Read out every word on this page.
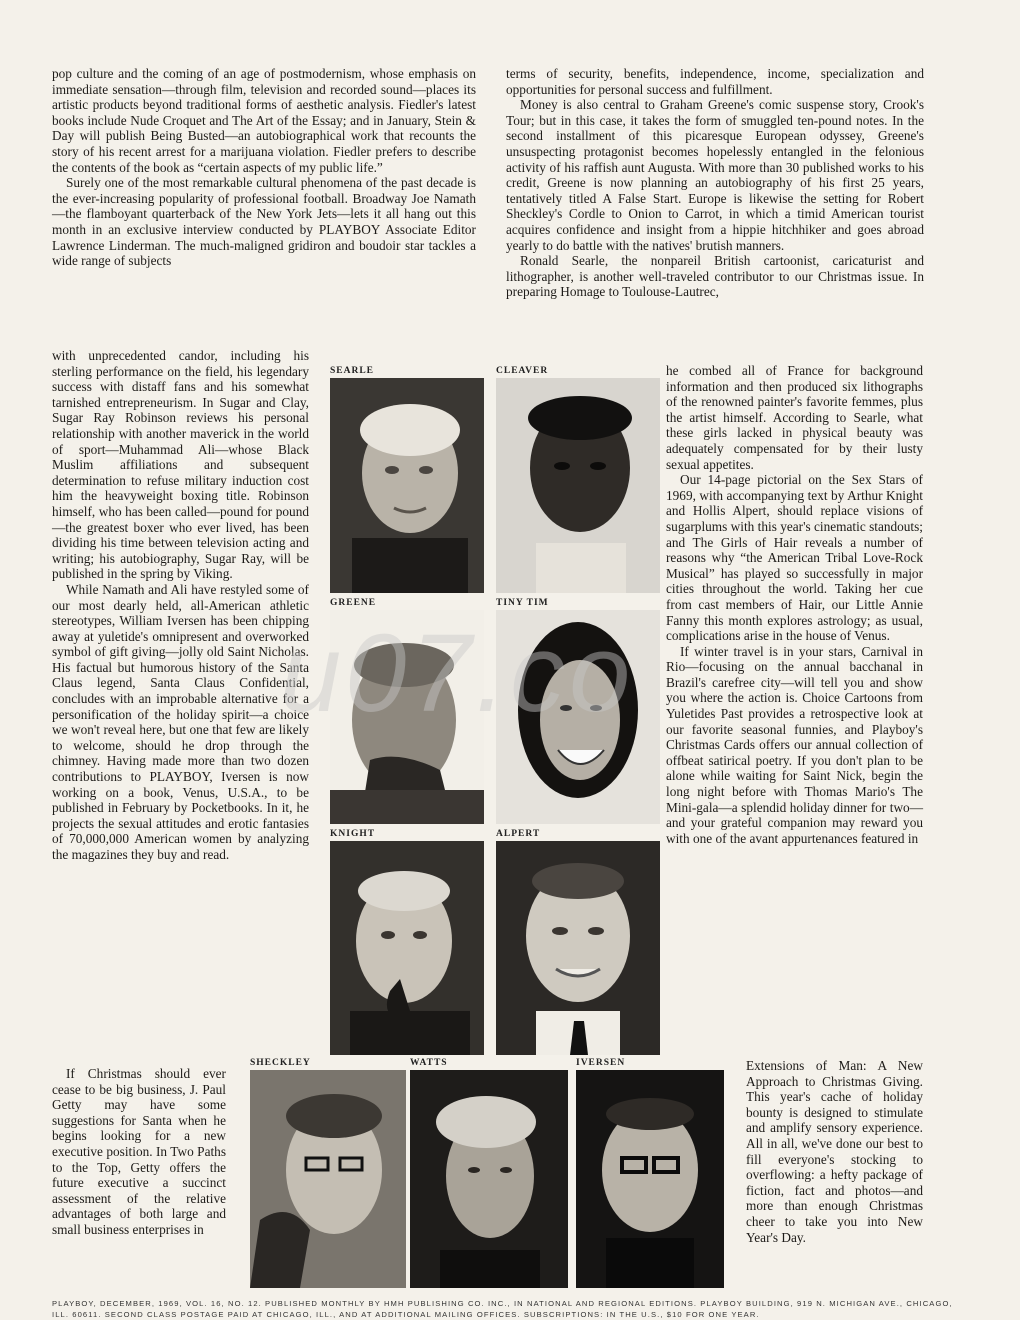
pop culture and the coming of an age of postmodernism, whose emphasis on immediate sensation—through film, television and recorded sound—places its artistic products beyond traditional forms of aesthetic analysis. Fiedler's latest books include Nude Croquet and The Art of the Essay; and in January, Stein & Day will publish Being Busted—an autobiographical work that recounts the story of his recent arrest for a marijuana violation. Fiedler prefers to describe the contents of the book as “certain aspects of my public life.”

Surely one of the most remarkable cultural phenomena of the past decade is the ever-increasing popularity of professional football. Broadway Joe Namath—the flamboyant quarterback of the New York Jets—lets it all hang out this month in an exclusive interview conducted by PLAYBOY Associate Editor Lawrence Linderman. The much-maligned gridiron and boudoir star tackles a wide range of subjects

with unprecedented candor, including his sterling performance on the field, his legendary success with distaff fans and his somewhat tarnished entrepreneurism. In Sugar and Clay, Sugar Ray Robinson reviews his personal relationship with another maverick in the world of sport—Muhammad Ali—whose Black Muslim affiliations and subsequent determination to refuse military induction cost him the heavyweight boxing title. Robinson himself, who has been called—pound for pound—the greatest boxer who ever lived, has been dividing his time between television acting and writing; his autobiography, Sugar Ray, will be published in the spring by Viking.

While Namath and Ali have restyled some of our most dearly held, all-American athletic stereotypes, William Iversen has been chipping away at yuletide's omnipresent and overworked symbol of gift giving—jolly old Saint Nicholas. His factual but humorous history of the Santa Claus legend, Santa Claus Confidential, concludes with an improbable alternative for a personification of the holiday spirit—a choice we won't reveal here, but one that few are likely to welcome, should he drop through the chimney. Having made more than two dozen contributions to PLAYBOY, Iversen is now working on a book, Venus, U.S.A., to be published in February by Pocketbooks. In it, he projects the sexual attitudes and erotic fantasies of 70,000,000 American women by analyzing the magazines they buy and read.

If Christmas should ever cease to be big business, J. Paul Getty may have some suggestions for Santa when he begins looking for a new executive position. In Two Paths to the Top, Getty offers the future executive a succinct assessment of the relative advantages of both large and small business enterprises in

terms of security, benefits, independence, income, specialization and opportunities for personal success and fulfillment.

Money is also central to Graham Greene's comic suspense story, Crook's Tour; but in this case, it takes the form of smuggled ten-pound notes. In the second installment of this picaresque European odyssey, Greene's unsuspecting protagonist becomes hopelessly entangled in the felonious activity of his raffish aunt Augusta. With more than 30 published works to his credit, Greene is now planning an autobiography of his first 25 years, tentatively titled A False Start. Europe is likewise the setting for Robert Sheckley's Cordle to Onion to Carrot, in which a timid American tourist acquires confidence and insight from a hippie hitchhiker and goes abroad yearly to do battle with the natives' brutish manners.

Ronald Searle, the nonpareil British cartoonist, caricaturist and lithographer, is another well-traveled contributor to our Christmas issue. In preparing Homage to Toulouse-Lautrec,

he combed all of France for background information and then produced six lithographs of the renowned painter's favorite femmes, plus the artist himself. According to Searle, what these girls lacked in physical beauty was adequately compensated for by their lusty sexual appetites.

Our 14-page pictorial on the Sex Stars of 1969, with accompanying text by Arthur Knight and Hollis Alpert, should replace visions of sugarplums with this year's cinematic standouts; and The Girls of Hair reveals a number of reasons why “the American Tribal Love-Rock Musical” has played so successfully in major cities throughout the world. Taking her cue from cast members of Hair, our Little Annie Fanny this month explores astrology; as usual, complications arise in the house of Venus.

If winter travel is in your stars, Carnival in Rio—focusing on the annual bacchanal in Brazil's carefree city—will tell you and show you where the action is. Choice Cartoons from Yuletides Past provides a retrospective look at our favorite seasonal funnies, and Playboy's Christmas Cards offers our annual collection of offbeat satirical poetry. If you don't plan to be alone while waiting for Saint Nick, begin the long night before with Thomas Mario's The Mini-gala—a splendid holiday dinner for two—and your grateful companion may reward you with one of the avant appurtenances featured in

Extensions of Man: A New Approach to Christmas Giving. This year's cache of holiday bounty is designed to stimulate and amplify sensory experience. All in all, we've done our best to fill everyone's stocking to overflowing: a hefty package of fiction, fact and photos—and more than enough Christmas cheer to take you into New Year's Day.

SEARLE	CLEAVER
GREENE	TINY TIM
KNIGHT	ALPERT
SHECKLEY	WATTS	IVERSEN
u07.co
PLAYBOY, DECEMBER, 1969, VOL. 16, NO. 12. PUBLISHED MONTHLY BY HMH PUBLISHING CO. INC., IN NATIONAL AND REGIONAL EDITIONS. PLAYBOY BUILDING, 919 N. MICHIGAN AVE., CHICAGO, ILL. 60611. SECOND CLASS POSTAGE PAID AT CHICAGO, ILL., AND AT ADDITIONAL MAILING OFFICES. SUBSCRIPTIONS: IN THE U.S., $10 FOR ONE YEAR.
